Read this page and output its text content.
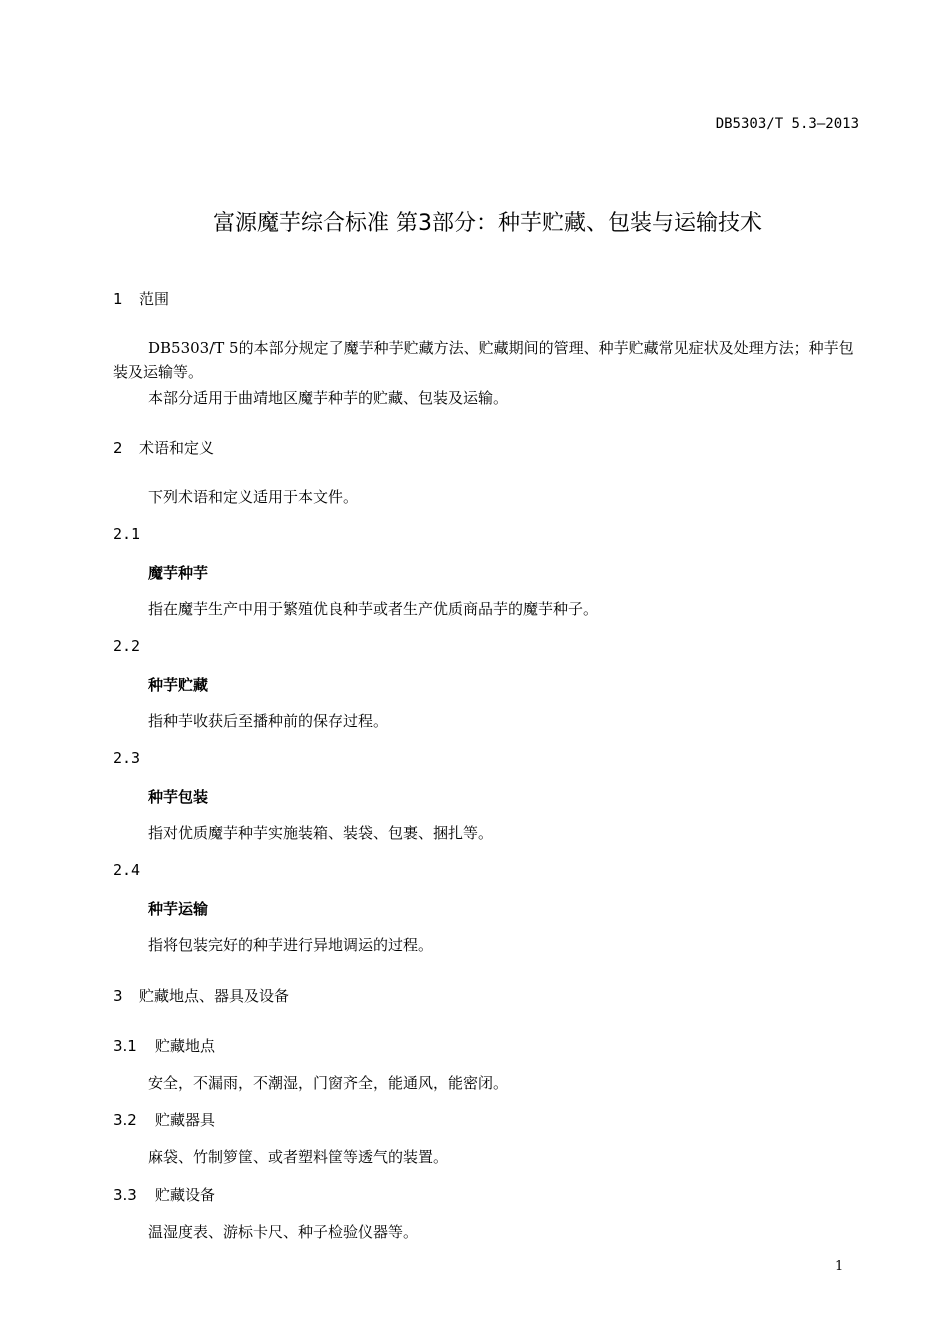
DB5303/T 5.3—2013
富源魔芋综合标准 第3部分：种芋贮藏、包装与运输技术
1 范围
DB5303/T 5的本部分规定了魔芋种芋贮藏方法、贮藏期间的管理、种芋贮藏常见症状及处理方法；种芋包装及运输等。
本部分适用于曲靖地区魔芋种芋的贮藏、包装及运输。
2 术语和定义
下列术语和定义适用于本文件。
2.1
魔芋种芋
指在魔芋生产中用于繁殖优良种芋或者生产优质商品芋的魔芋种子。
2.2
种芋贮藏
指种芋收获后至播种前的保存过程。
2.3
种芋包装
指对优质魔芋种芋实施装箱、装袋、包裹、捆扎等。
2.4
种芋运输
指将包装完好的种芋进行异地调运的过程。
3 贮藏地点、器具及设备
3.1 贮藏地点
安全，不漏雨，不潮湿，门窗齐全，能通风，能密闭。
3.2 贮藏器具
麻袋、竹制箩筐、或者塑料筐等透气的装置。
3.3 贮藏设备
温湿度表、游标卡尺、种子检验仪器等。
1
